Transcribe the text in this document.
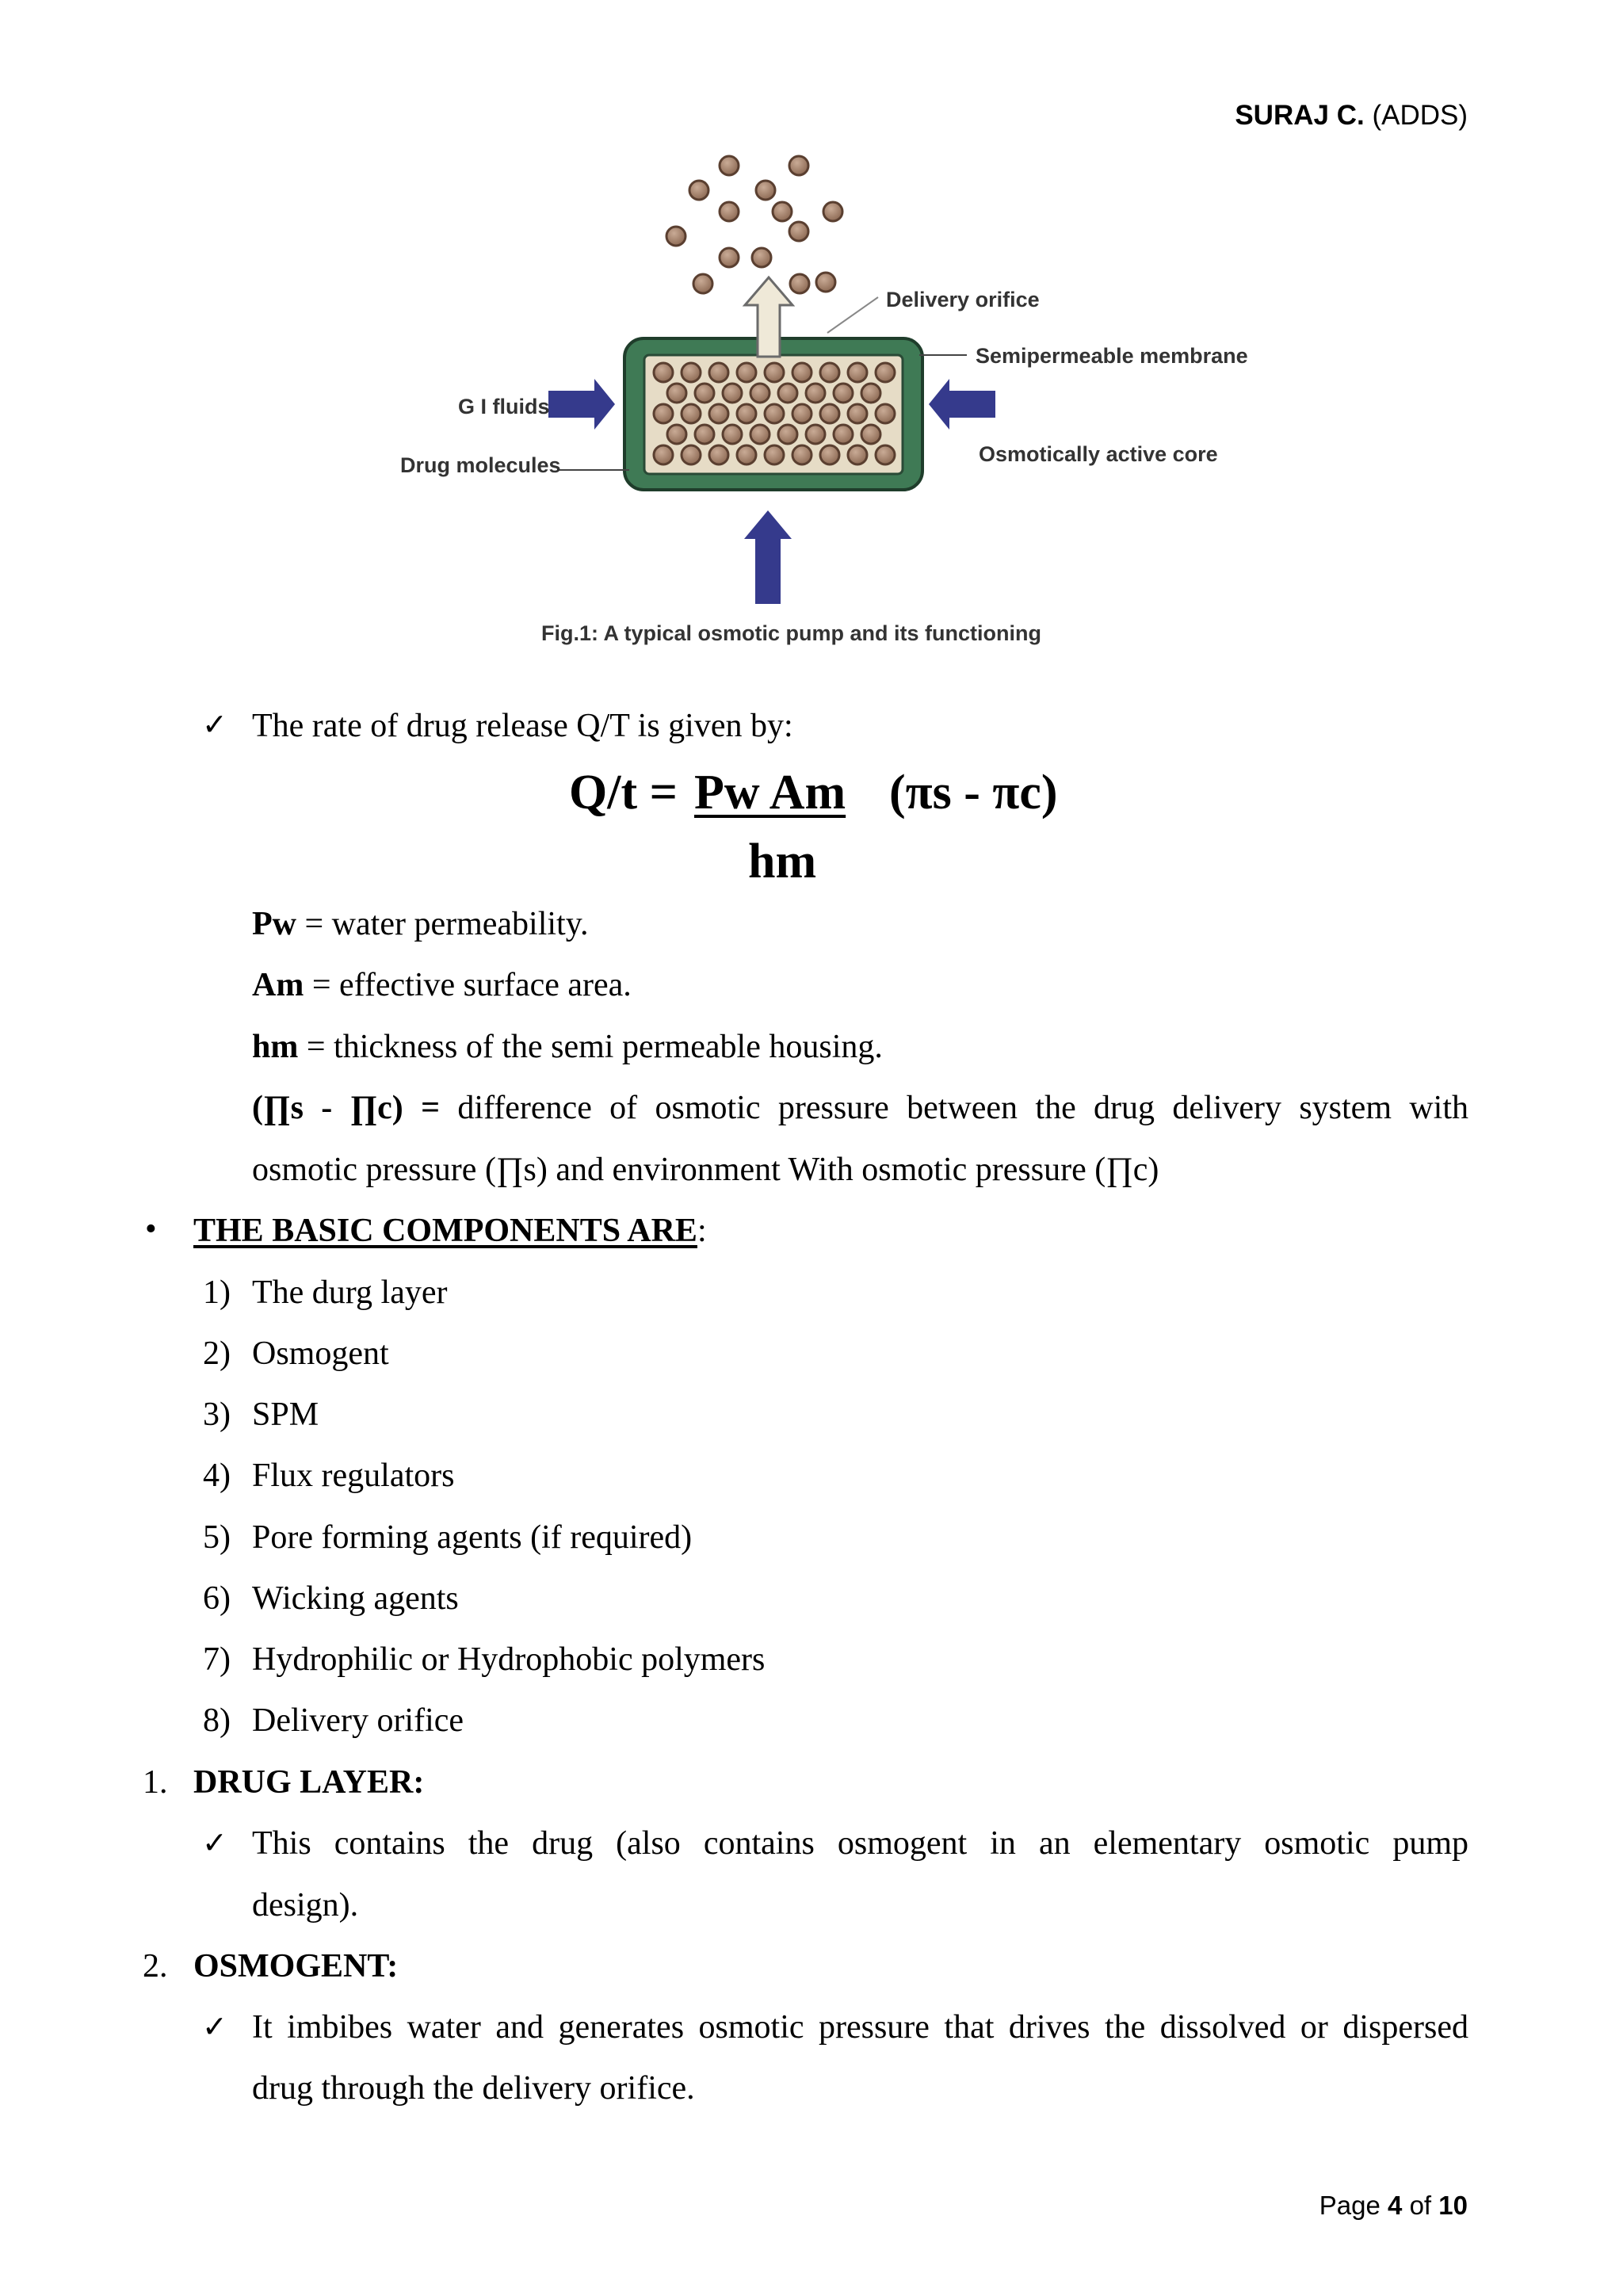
SURAJ C. (ADDS)
Delivery orifice
Semipermeable membrane
G I fluids
Drug molecules	Osmotically active core
Fig.1: A typical osmotic pump and its functioning
✓ The rate of drug release Q/T is given by:
Q/t = Pw Am (πs - πc)
hm
Pw = water permeability.
Am = effective surface area.
hm = thickness of the semi permeable housing.
(∏s - ∏c) = difference of osmotic pressure between the drug delivery system with
osmotic pressure (∏s) and environment With osmotic pressure (∏c)
• THE BASIC COMPONENTS ARE:
1) The durg layer
2) Osmogent
3) SPM
4) Flux regulators
5) Pore forming agents (if required)
6) Wicking agents
7) Hydrophilic or Hydrophobic polymers
8) Delivery orifice
1. DRUG LAYER:
✓ This contains the drug (also contains osmogent in an elementary osmotic pump
design).
2. OSMOGENT:
✓ It imbibes water and generates osmotic pressure that drives the dissolved or dispersed
drug through the delivery orifice.
Page 4 of 10
